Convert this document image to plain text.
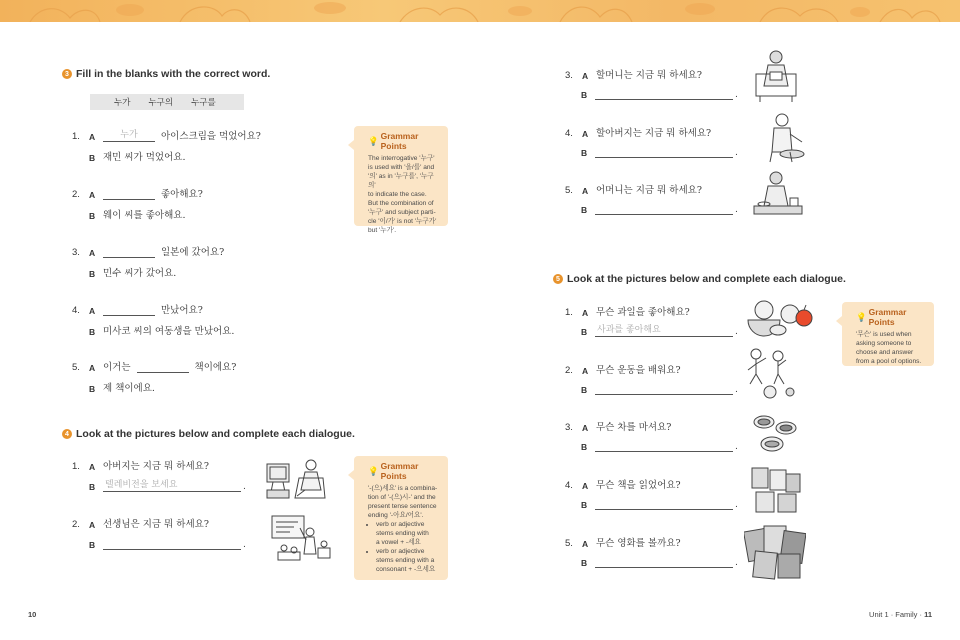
3 Fill in the blanks with the correct word.
누가 누구의 누구를
1.	A	누가	아이스크림을 먹었어요?
B 재민 씨가 먹었어요.
2.	A	좋아해요?
B 웨이 씨를 좋아해요.
3.	A	일본에 갔어요?
B 민수 씨가 갔어요.
4.	A	만났어요?
B 미사코 씨의 여동생을 만났어요.
5.	A 이거는	책이에요?
B 제 책이에요.
💡 Grammar Points
The interrogative '누구'
is used with '을/를' and
'의' as in '누구를', '누구의'
to indicate the case.
But the combination of
'누구' and subject parti-
cle '이/가' is not '누구가'
but '누가'.
4 Look at the pictures below and complete each dialogue.
1.	A 아버지는 지금 뭐 하세요?
B	텔레비전을 보세요	.
2.	A 선생님은 지금 뭐 하세요?
B	.
💡 Grammar Points
'-(으)세요' is a combina-
tion of '-(으)시-' and the
present tense sentence
ending '-아요/어요'.
• verb or adjective
stems ending with
a vowel + -세요
• verb or adjective
stems ending with a
consonant + -으세요
3.	A 할머니는 지금 뭐 하세요?
B	.
4.	A 할아버지는 지금 뭐 하세요?
B	.
5.	A 어머니는 지금 뭐 하세요?
B	.
5 Look at the pictures below and complete each dialogue.
1.	A 무슨 과일을 좋아해요?
B	사과를 좋아해요	.
2.	A 무슨 운동을 배워요?
B	.
3.	A 무슨 차를 마셔요?
B	.
4.	A 무슨 책을 읽었어요?
B	.
5.	A 무슨 영화를 볼까요?
B	.
💡 Grammar Points
'무슨' is used when
asking someone to
choose and answer
from a pool of options.
10	Unit 1 · Family · 11
